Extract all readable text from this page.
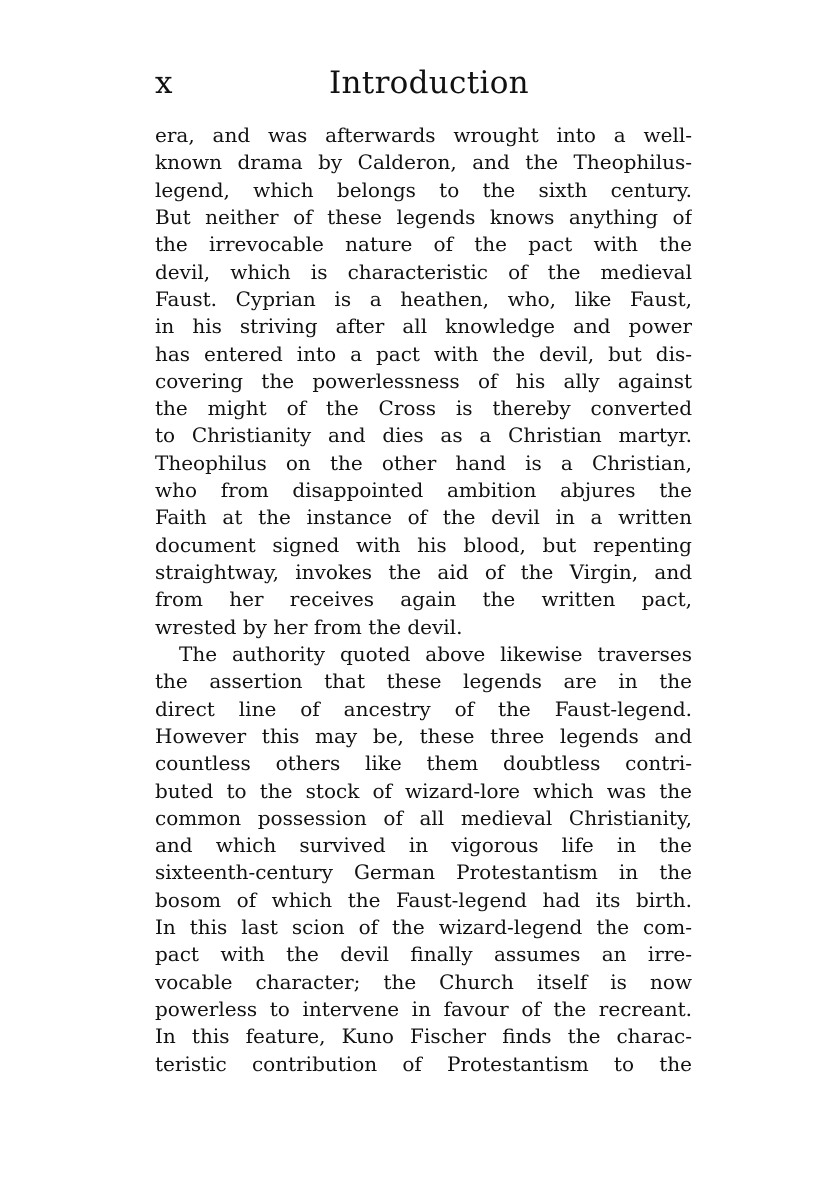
x	Introduction
era, and was afterwards wrought into a well-
known drama by Calderon, and the Theophilus-
legend, which belongs to the sixth century.
But neither of these legends knows anything of
the irrevocable nature of the pact with the
devil, which is characteristic of the medieval
Faust. Cyprian is a heathen, who, like Faust,
in his striving after all knowledge and power
has entered into a pact with the devil, but dis-
covering the powerlessness of his ally against
the might of the Cross is thereby converted
to Christianity and dies as a Christian martyr.
Theophilus on the other hand is a Christian,
who from disappointed ambition abjures the
Faith at the instance of the devil in a written
document signed with his blood, but repenting
straightway, invokes the aid of the Virgin, and
from her receives again the written pact,
wrested by her from the devil.
The authority quoted above likewise traverses
the assertion that these legends are in the
direct line of ancestry of the Faust-legend.
However this may be, these three legends and
countless others like them doubtless contri-
buted to the stock of wizard-lore which was the
common possession of all medieval Christianity,
and which survived in vigorous life in the
sixteenth-century German Protestantism in the
bosom of which the Faust-legend had its birth.
In this last scion of the wizard-legend the com-
pact with the devil finally assumes an irre-
vocable character; the Church itself is now
powerless to intervene in favour of the recreant.
In this feature, Kuno Fischer finds the charac-
teristic contribution of Protestantism to the
